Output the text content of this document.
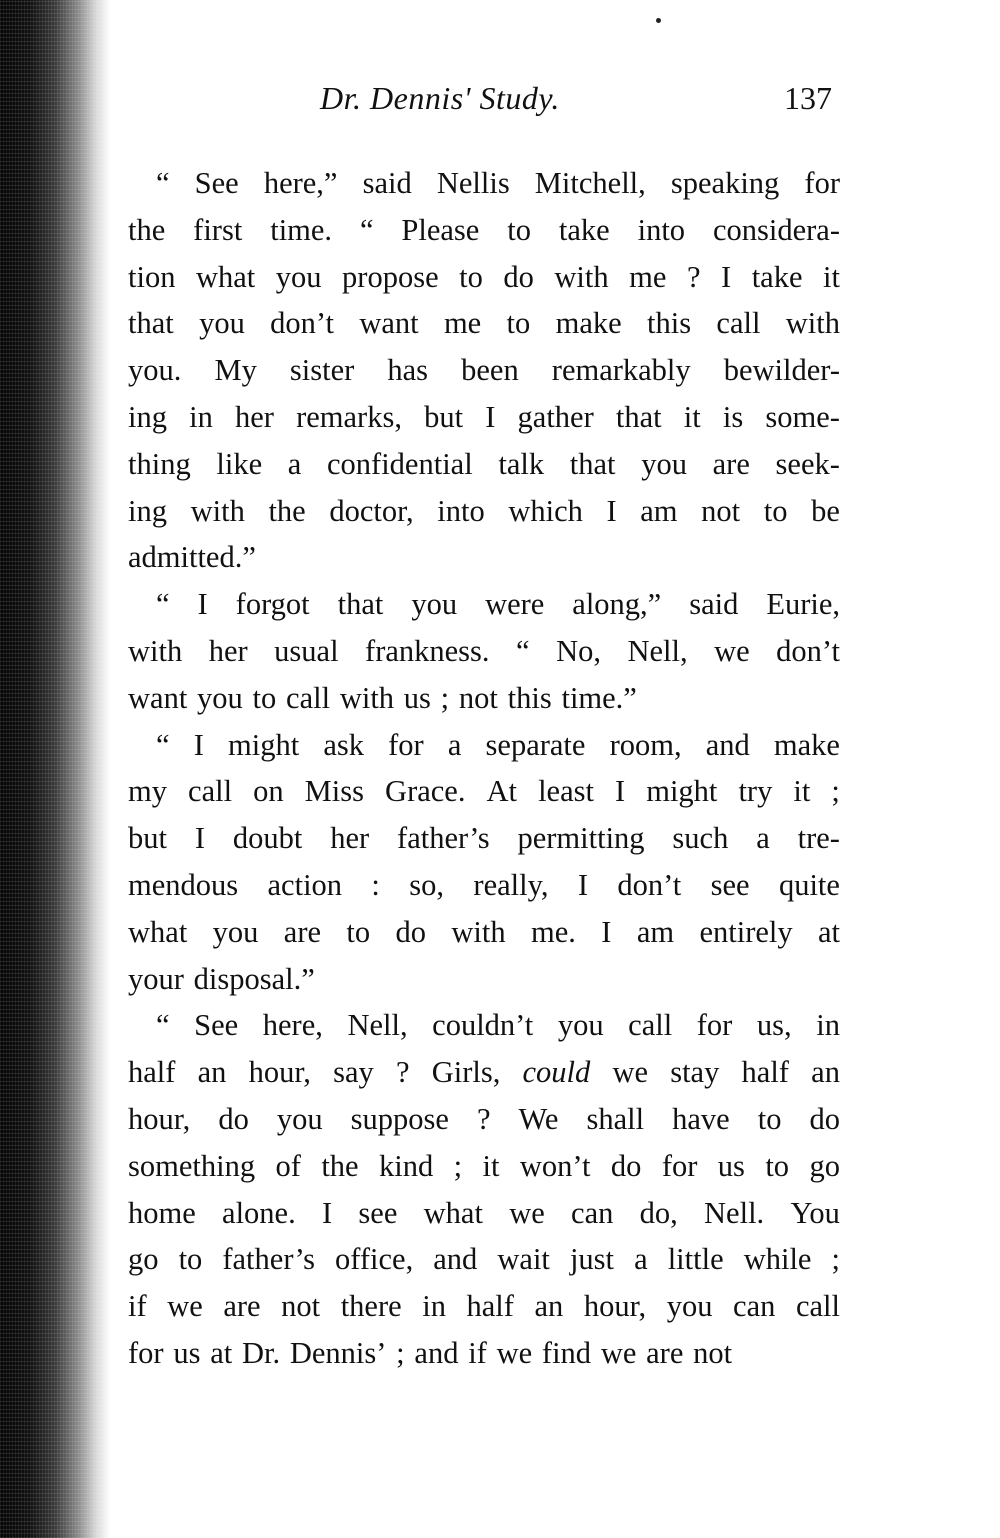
Dr. Dennis' Study.	137
“ See here,” said Nellis Mitchell, speaking for
the first time. “ Please to take into considera-
tion what you propose to do with me ? I take it
that you don’t want me to make this call with
you. My sister has been remarkably bewilder-
ing in her remarks, but I gather that it is some-
thing like a confidential talk that you are seek-
ing with the doctor, into which I am not to be
admitted.”
“ I forgot that you were along,” said Eurie,
with her usual frankness. “ No, Nell, we don’t
want you to call with us ; not this time.”
“ I might ask for a separate room, and make
my call on Miss Grace. At least I might try it ;
but I doubt her father’s permitting such a tre-
mendous action : so, really, I don’t see quite
what you are to do with me. I am entirely at
your disposal.”
“ See here, Nell, couldn’t you call for us, in
half an hour, say ? Girls, could we stay half an
hour, do you suppose ? We shall have to do
something of the kind ; it won’t do for us to go
home alone. I see what we can do, Nell. You
go to father’s office, and wait just a little while ;
if we are not there in half an hour, you can call
for us at Dr. Dennis’ ; and if we find we are not
